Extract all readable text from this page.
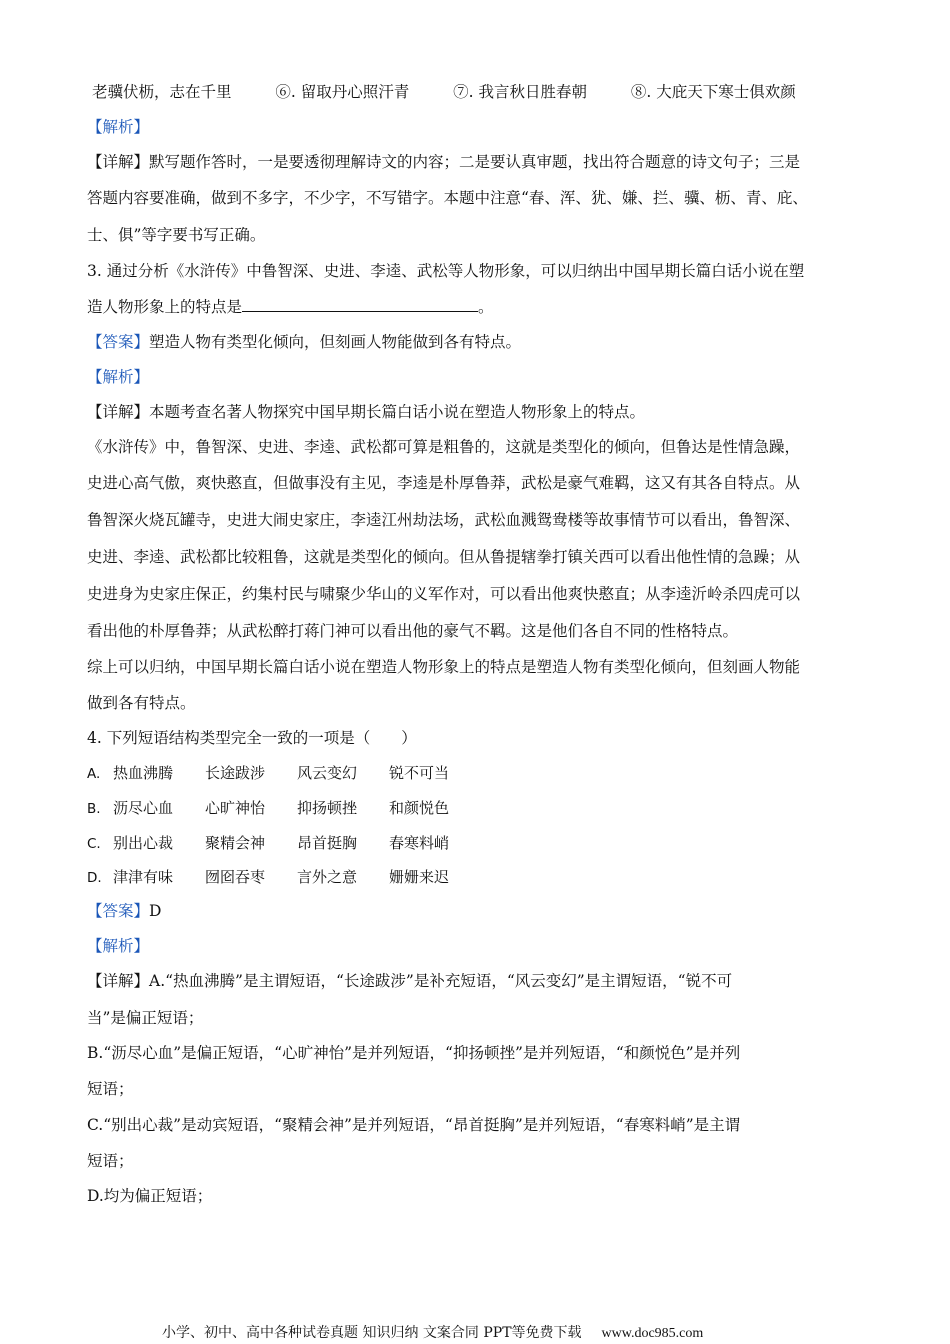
老骥伏枥，志在千里	⑥. 留取丹心照汗青	⑦. 我言秋日胜春朝	⑧. 大庇天下寒士俱欢颜
【解析】
【详解】默写题作答时，一是要透彻理解诗文的内容；二是要认真审题，找出符合题意的诗文句子；三是
答题内容要准确，做到不多字，不少字，不写错字。本题中注意“春、浑、犹、嫌、拦、骥、枥、青、庇、
士、俱”等字要书写正确。
3. 通过分析《水浒传》中鲁智深、史进、李逵、武松等人物形象，可以归纳出中国早期长篇白话小说在塑
造人物形象上的特点是	。
【答案】塑造人物有类型化倾向，但刻画人物能做到各有特点。
【解析】
【详解】本题考查名著人物探究中国早期长篇白话小说在塑造人物形象上的特点。
《水浒传》中，鲁智深、史进、李逵、武松都可算是粗鲁的，这就是类型化的倾向，但鲁达是性情急躁，
史进心高气傲，爽快憨直，但做事没有主见，李逵是朴厚鲁莽，武松是豪气难羁，这又有其各自特点。从
鲁智深火烧瓦罐寺，史进大闹史家庄，李逵江州劫法场，武松血溅鸳鸯楼等故事情节可以看出，鲁智深、
史进、李逵、武松都比较粗鲁，这就是类型化的倾向。但从鲁提辖拳打镇关西可以看出他性情的急躁；从
史进身为史家庄保正，约集村民与啸聚少华山的义军作对，可以看出他爽快憨直；从李逵沂岭杀四虎可以
看出他的朴厚鲁莽；从武松醉打蒋门神可以看出他的豪气不羁。这是他们各自不同的性格特点。
综上可以归纳，中国早期长篇白话小说在塑造人物形象上的特点是塑造人物有类型化倾向，但刻画人物能
做到各有特点。
4. 下列短语结构类型完全一致的一项是（　　）
A. 热血沸腾 长途跋涉 风云变幻 锐不可当
B. 沥尽心血 心旷神怡 抑扬顿挫 和颜悦色
C. 别出心裁 聚精会神 昂首挺胸 春寒料峭
D. 津津有味 囫囵吞枣 言外之意 姗姗来迟
【答案】D
【解析】
【详解】A.“热血沸腾”是主谓短语，“长途跋涉”是补充短语，“风云变幻”是主谓短语，“锐不可
当”是偏正短语；
B.“沥尽心血”是偏正短语，“心旷神怡”是并列短语，“抑扬顿挫”是并列短语，“和颜悦色”是并列
短语；
C.“别出心裁”是动宾短语，“聚精会神”是并列短语，“昂首挺胸”是并列短语，“春寒料峭”是主谓
短语；
D.均为偏正短语；
小学、初中、高中各种试卷真题 知识归纳 文案合同 PPT等免费下载 www.doc985.com
